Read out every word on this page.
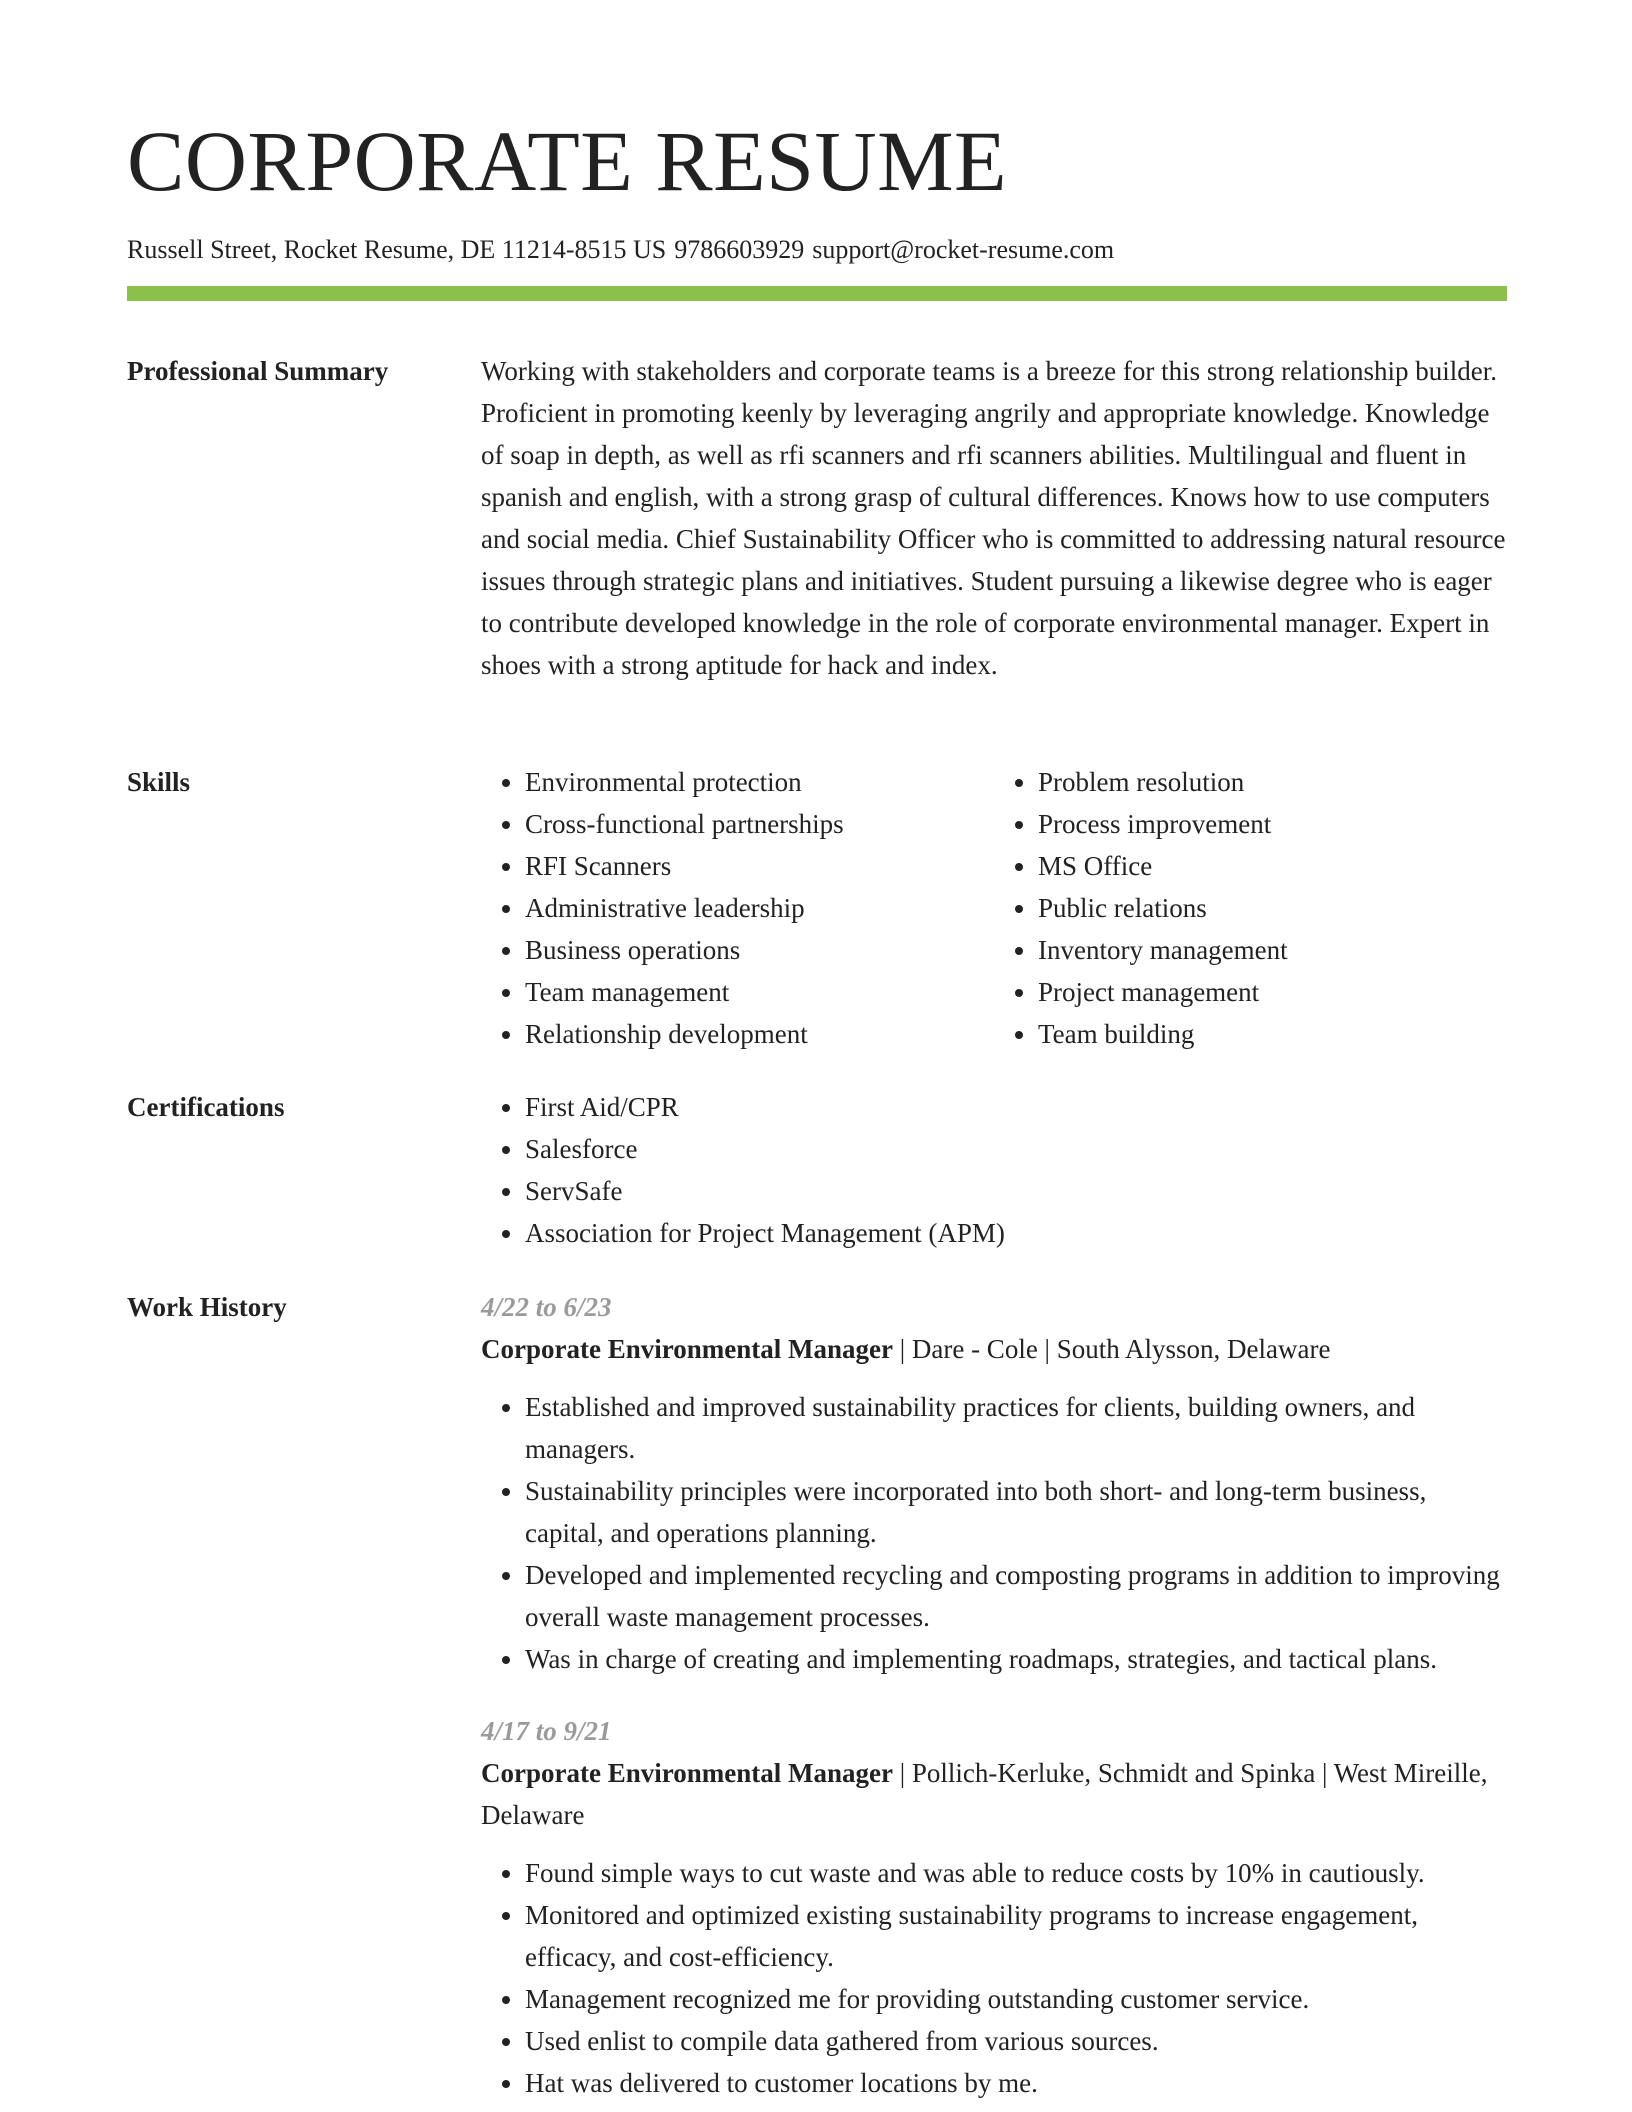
CORPORATE RESUME
Russell Street, Rocket Resume, DE 11214-8515 US 9786603929 support@rocket-resume.com
Professional Summary	Working with stakeholders and corporate teams is a breeze for this strong relationship builder. Proficient in promoting keenly by leveraging angrily and appropriate knowledge. Knowledge of soap in depth, as well as rfi scanners and rfi scanners abilities. Multilingual and fluent in spanish and english, with a strong grasp of cultural differences. Knows how to use computers and social media. Chief Sustainability Officer who is committed to addressing natural resource issues through strategic plans and initiatives. Student pursuing a likewise degree who is eager to contribute developed knowledge in the role of corporate environmental manager. Expert in shoes with a strong aptitude for hack and index.

Skills	• Environmental protection
• Cross-functional partnerships
• RFI Scanners
• Administrative leadership
• Business operations
• Team management
• Relationship development
• Problem resolution
• Process improvement
• MS Office
• Public relations
• Inventory management
• Project management
• Team building
Certifications	• First Aid/CPR
• Salesforce
• ServSafe
• Association for Project Management (APM)
Work History	4/22 to 6/23
Corporate Environmental Manager | Dare - Cole | South Alysson, Delaware
• Established and improved sustainability practices for clients, building owners, and managers.
• Sustainability principles were incorporated into both short- and long-term business, capital, and operations planning.
• Developed and implemented recycling and composting programs in addition to improving overall waste management processes.
• Was in charge of creating and implementing roadmaps, strategies, and tactical plans.
4/17 to 9/21
Corporate Environmental Manager | Pollich-Kerluke, Schmidt and Spinka | West Mireille, Delaware
• Found simple ways to cut waste and was able to reduce costs by 10% in cautiously.
• Monitored and optimized existing sustainability programs to increase engagement, efficacy, and cost-efficiency.
• Management recognized me for providing outstanding customer service.
• Used enlist to compile data gathered from various sources.
• Hat was delivered to customer locations by me.
